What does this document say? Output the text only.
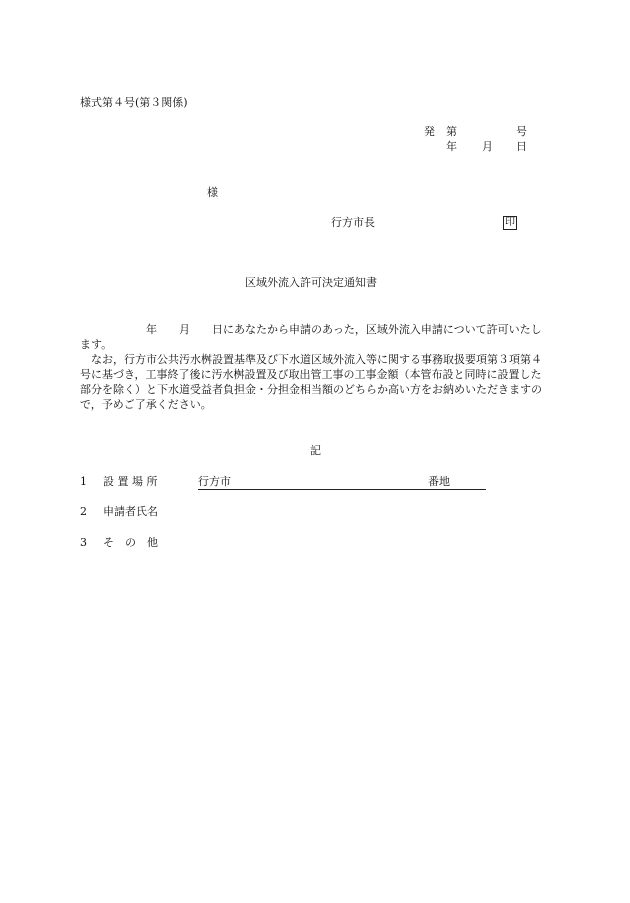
様式第４号(第３関係)
発 第	号
年 月 日
様
行方市長	印
区域外流入許可決定通知書

年　　月　　日にあなたから申請のあった，区域外流入申請について許可いたします。

なお，行方市公共汚水桝設置基準及び下水道区域外流入等に関する事務取扱要項第３項第４号に基づき，工事終了後に汚水桝設置及び取出管工事の工事金額（本管布設と同時に設置した部分を除く）と下水道受益者負担金・分担金相当額のどちらか高い方をお納めいただきますので，予めご了承ください。

記
1 設 置 場 所	行方市	番地
2 申請者氏名
3 そ　の　他
